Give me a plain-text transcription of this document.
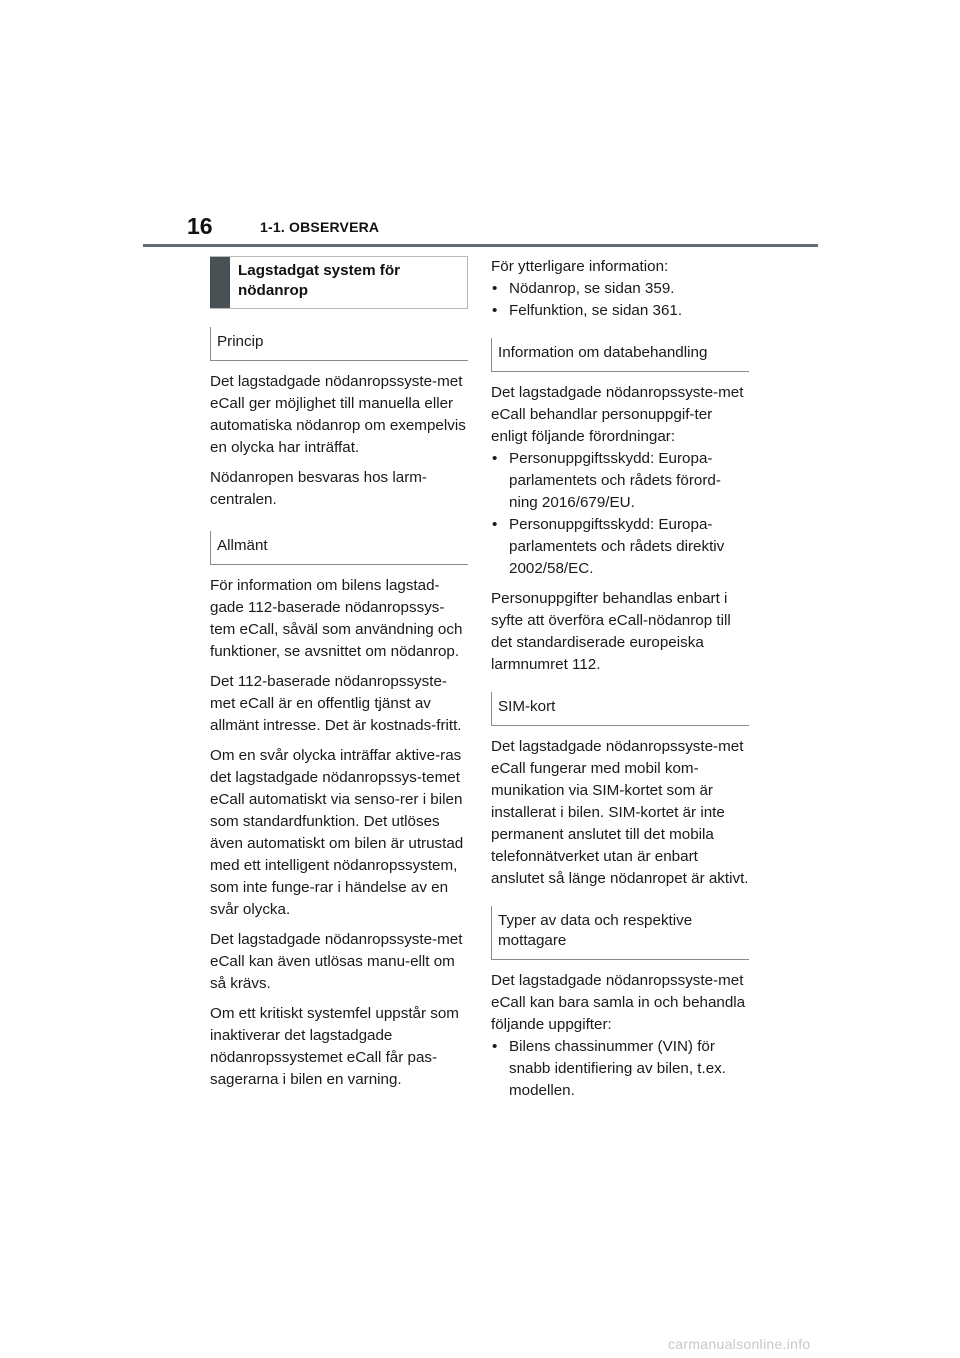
16	1-1. OBSERVERA
Lagstadgat system för nödanrop
Princip

Det lagstadgade nödanropssyste-met eCall ger möjlighet till manuella eller automatiska nödanrop om exempelvis en olycka har inträffat.

Nödanropen besvaras hos larm-centralen.

Allmänt

För information om bilens lagstad-gade 112-baserade nödanropssys-tem eCall, såväl som användning och funktioner, se avsnittet om nödanrop.

Det 112-baserade nödanropssyste-met eCall är en offentlig tjänst av allmänt intresse. Det är kostnads-fritt.

Om en svår olycka inträffar aktive-ras det lagstadgade nödanropssys-temet eCall automatiskt via senso-rer i bilen som standardfunktion. Det utlöses även automatiskt om bilen är utrustad med ett intelligent nödanropssystem, som inte funge-rar i händelse av en svår olycka.

Det lagstadgade nödanropssyste-met eCall kan även utlösas manu-ellt om så krävs.

Om ett kritiskt systemfel uppstår som inaktiverar det lagstadgade nödanropssystemet eCall får pas-sagerarna i bilen en varning.

För ytterligare information:

• Nödanrop, se sidan 359.
• Felfunktion, se sidan 361.
Information om databehandling

Det lagstadgade nödanropssyste-met eCall behandlar personuppgif-ter enligt följande förordningar:

• Personuppgiftsskydd: Europa-parlamentets och rådets förord-ning 2016/679/EU.
• Personuppgiftsskydd: Europa-parlamentets och rådets direktiv 2002/58/EC.

Personuppgifter behandlas enbart i syfte att överföra eCall-nödanrop till det standardiserade europeiska larmnumret 112.

SIM-kort

Det lagstadgade nödanropssyste-met eCall fungerar med mobil kom-munikation via SIM-kortet som är installerat i bilen. SIM-kortet är inte permanent anslutet till det mobila telefonnätverket utan är enbart anslutet så länge nödanropet är aktivt.

Typer av data och respektive mottagare

Det lagstadgade nödanropssyste-met eCall kan bara samla in och behandla följande uppgifter:

• Bilens chassinummer (VIN) för snabb identifiering av bilen, t.ex. modellen.
carmanualsonline.info
